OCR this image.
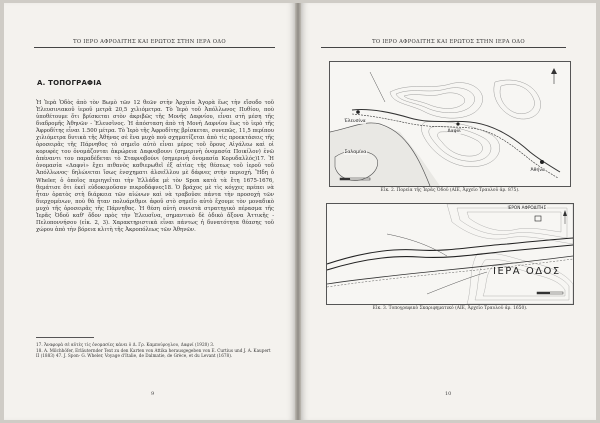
ΤΟ ΙΕΡΟ ΑΦΡΟΔΙΤΗΣ ΚΑΙ ΕΡΩΤΟΣ ΣΤΗΝ ΙΕΡΑ ΟΔΟ
Α. ΤΟΠΟΓΡΑΦΙΑ

Ἡ Ἱερὰ Ὁδὸς ἀπὸ τὸν Βωμὸ τῶν 12 θεῶν στὴν Ἀρχαία Ἀγορὰ ἕως τὴν εἴσοδο τοῦ Ἐλευσινιακοῦ ἱεροῦ μετρᾶ 20,5 χιλιόμετρα. Τὸ Ἱερὸ τοῦ Ἀπόλλωνος Πυθίου, ποὺ ὑποθέτουμε ὅτι βρίσκεται στὸν ἀκριβῶς τῆς Μονῆς Δαφνίου, εἶναι στὴ μέση τῆς διαδρομῆς Ἀθηνῶν - Ἐλευσῖνος. Ἡ ἀπόσταση ἀπὸ τὴ Μονὴ Δαφνίου ἕως τὸ ἱερὸ τῆς Ἀφροδίτης εἶναι 1.500 μέτρα. Τὸ Ἱερὸ τῆς Ἀφροδίτης βρίσκεται, συνεπῶς, 11,5 περίπου χιλιόμετρα δυτικὰ τῆς Ἀθήνας σὲ ἕνα μυχὸ ποὺ σχηματίζεται ἀπὸ τὶς προεκτάσεις τῆς ὀροσειρᾶς τῆς Πάρνηθος τὸ σημεῖο αὐτὸ εἶναι μέρος τοῦ ὄρους Αἰγάλεω καὶ οἱ κορυφὲς του ὀνομάζονται ἀκρώρεια Δαφνοβουνι (σημερινὴ ὀνομασία Ποικίλον) ἐνῶ ἀπέναντι του παραδέδεται τὸ Σταφνοβούνι (σημερινὴ ὀνομασία Κορυδαλλός)17. Ἡ ὀνομασία «Δαφνὶ» ἔχει πιθανὸς καθιερωθεῖ ἐξ αἰτίας τῆς θέσεως τοῦ ἱεροῦ τοῦ Ἀπόλλωνος· δηλώνεται ἴσως ἐνσχηματι ἀλσεῖλλου μὲ δάφνες στὴν περιοχή. Ἤδη ὁ Wheler, ὁ ὁποῖος περιηγεῖται τὴν Ἑλλάδα μὲ τὸν Spon κατὰ τὰ ἔτη 1675-1676, θεμάτισε ὅτι ἐκεῖ εὐδοκιμοῦσαν πικροδάφνες18. Ὁ βράχος μὲ τὶς κόγχες πρέπει νὰ ἦταν ὁρατὸς στὴ διάρκεια τῶν αἰώνων καὶ νὰ τραβοῦσε πάντα τὴν προσοχὴ τῶν διερχομένων, ποὺ θὰ ἦταν πολυάριθμοι ἀφοῦ στὸ σημεῖο αὐτὸ ἔχουμε τὸν μοναδικὸ μυχὸ τῆς ὀροσειρᾶς τῆς Πάρνηθας. Ἡ θέση αὐτὴ συνιστὰ στρατηγικὸ πέρασμα τῆς Ἱερᾶς Ὁδοῦ καθ' ὅδον πρὸς τὴν Ἐλευσῖνα, σημαντικὸ δὲ ὁδικὸ ἄξονα Ἀττικῆς - Πελοποννήσου (εἰκ. 2, 3). Χαρακτηριστικὰ εἶναι πάντως ἡ δυνατότητα θέασης τοῦ χώρου ἀπὸ τὴν βόρεια κλιτὴ τῆς Ἀκροπόλεως τῶν Ἀθηνῶν.

17. Ἀναφορὰ σὲ αὐτὲς τὶς ὀνομασίες κάνει ὁ Δ. Γρ. Καμπούρογλου, Δαφνί (1920) 3.

18. A. Milchhöfer, Erläuternder Text zu den Karten von Attika herausgegeben von E. Curtius und J. A. Kaupert II (1883) 47. J. Spon- G. Wheler, Voyage d'Italie, de Dalmatie, de Grèce, et du Levant (1678).

9
ΤΟ ΙΕΡΟ ΑΦΡΟΔΙΤΗΣ ΚΑΙ ΕΡΩΤΟΣ ΣΤΗΝ ΙΕΡΑ ΟΔΟ
Ἐλευσίνα
Δαφνί
Σαλαμίνα
Ἀθήνα
Εἰκ. 2. Πορεία τῆς Ἱερᾶς Ὁδοῦ (ΑΙΕ, Ἀρχεῖο Τραυλοῦ ἀρ. 875).
ΙΕΡΟΝ ΑΦΡΟΔΙΤΗΣ
ΙΕΡΑ ΟΔΟΣ
Εἰκ. 3. Τοπογραφικὸ Σκαριφηματικό (ΑΙΕ, Ἀρχεῖο Τραυλοῦ ἀρ. 1650).
10
